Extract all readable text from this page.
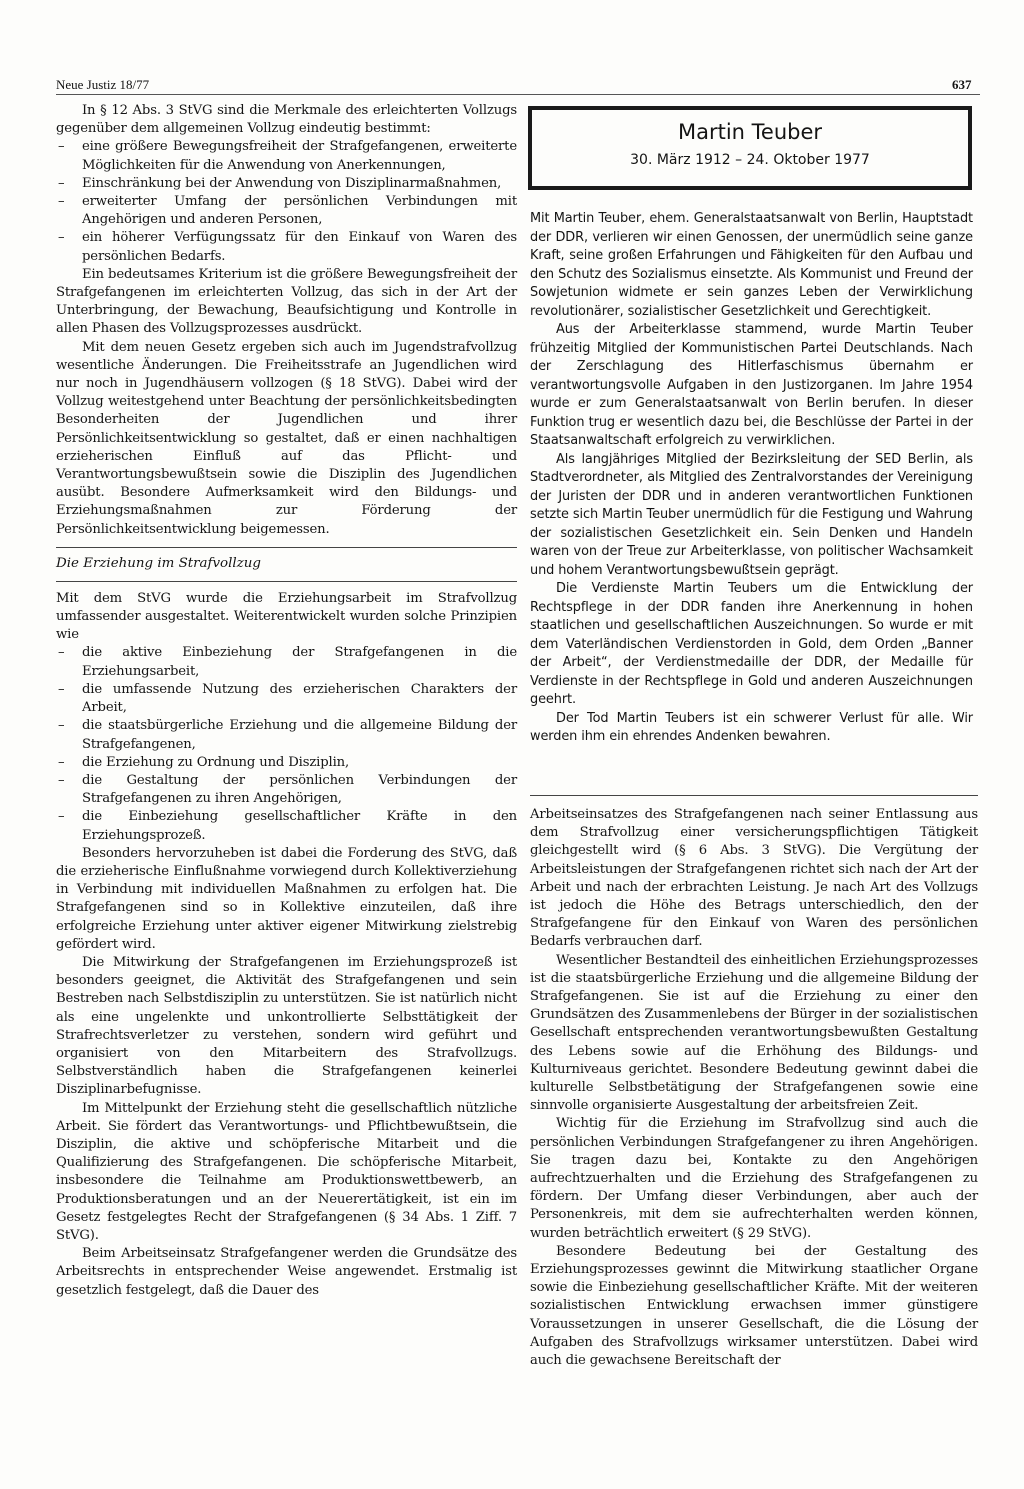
Neue Justiz 18/77	637

In § 12 Abs. 3 StVG sind die Merkmale des erleichterten Vollzugs gegenüber dem allgemeinen Vollzug eindeutig bestimmt:

– eine größere Bewegungsfreiheit der Strafgefangenen, erweiterte Möglichkeiten für die Anwendung von Anerkennungen,
– Einschränkung bei der Anwendung von Disziplinarmaßnahmen,
– erweiterter Umfang der persönlichen Verbindungen mit Angehörigen und anderen Personen,
– ein höherer Verfügungssatz für den Einkauf von Waren des persönlichen Bedarfs.

Ein bedeutsames Kriterium ist die größere Bewegungsfreiheit der Strafgefangenen im erleichterten Vollzug, das sich in der Art der Unterbringung, der Bewachung, Beaufsichtigung und Kontrolle in allen Phasen des Vollzugsprozesses ausdrückt.

Mit dem neuen Gesetz ergeben sich auch im Jugendstrafvollzug wesentliche Änderungen. Die Freiheitsstrafe an Jugendlichen wird nur noch in Jugendhäusern vollzogen (§ 18 StVG). Dabei wird der Vollzug weitestgehend unter Beachtung der persönlichkeitsbedingten Besonderheiten der Jugendlichen und ihrer Persönlichkeitsentwicklung so gestaltet, daß er einen nachhaltigen erzieherischen Einfluß auf das Pflicht- und Verantwortungsbewußtsein sowie die Disziplin des Jugendlichen ausübt. Besondere Aufmerksamkeit wird den Bildungs- und Erziehungsmaßnahmen zur Förderung der Persönlichkeitsentwicklung beigemessen.

Die Erziehung im Strafvollzug

Mit dem StVG wurde die Erziehungsarbeit im Strafvollzug umfassender ausgestaltet. Weiterentwickelt wurden solche Prinzipien wie

– die aktive Einbeziehung der Strafgefangenen in die Erziehungsarbeit,
– die umfassende Nutzung des erzieherischen Charakters der Arbeit,
– die staatsbürgerliche Erziehung und die allgemeine Bildung der Strafgefangenen,
– die Erziehung zu Ordnung und Disziplin,
– die Gestaltung der persönlichen Verbindungen der Strafgefangenen zu ihren Angehörigen,
– die Einbeziehung gesellschaftlicher Kräfte in den Erziehungsprozeß.

Besonders hervorzuheben ist dabei die Forderung des StVG, daß die erzieherische Einflußnahme vorwiegend durch Kollektiverziehung in Verbindung mit individuellen Maßnahmen zu erfolgen hat. Die Strafgefangenen sind so in Kollektive einzuteilen, daß ihre erfolgreiche Erziehung unter aktiver eigener Mitwirkung zielstrebig gefördert wird.

Die Mitwirkung der Strafgefangenen im Erziehungsprozeß ist besonders geeignet, die Aktivität des Strafgefangenen und sein Bestreben nach Selbstdisziplin zu unterstützen. Sie ist natürlich nicht als eine ungelenkte und unkontrollierte Selbsttätigkeit der Strafrechtsverletzer zu verstehen, sondern wird geführt und organisiert von den Mitarbeitern des Strafvollzugs. Selbstverständlich haben die Strafgefangenen keinerlei Disziplinarbefugnisse.

Im Mittelpunkt der Erziehung steht die gesellschaftlich nützliche Arbeit. Sie fördert das Verantwortungs- und Pflichtbewußtsein, die Disziplin, die aktive und schöpferische Mitarbeit und die Qualifizierung des Strafgefangenen. Die schöpferische Mitarbeit, insbesondere die Teilnahme am Produktionswettbewerb, an Produktionsberatungen und an der Neuerertätigkeit, ist ein im Gesetz festgelegtes Recht der Strafgefangenen (§ 34 Abs. 1 Ziff. 7 StVG).

Beim Arbeitseinsatz Strafgefangener werden die Grundsätze des Arbeitsrechts in entsprechender Weise angewendet. Erstmalig ist gesetzlich festgelegt, daß die Dauer des

Martin Teuber
30. März 1912 – 24. Oktober 1977

Mit Martin Teuber, ehem. Generalstaatsanwalt von Berlin, Hauptstadt der DDR, verlieren wir einen Genossen, der unermüdlich seine ganze Kraft, seine großen Erfahrungen und Fähigkeiten für den Aufbau und den Schutz des Sozialismus einsetzte. Als Kommunist und Freund der Sowjetunion widmete er sein ganzes Leben der Verwirklichung revolutionärer, sozialistischer Gesetzlichkeit und Gerechtigkeit.

Aus der Arbeiterklasse stammend, wurde Martin Teuber frühzeitig Mitglied der Kommunistischen Partei Deutschlands. Nach der Zerschlagung des Hitlerfaschismus übernahm er verantwortungsvolle Aufgaben in den Justizorganen. Im Jahre 1954 wurde er zum Generalstaatsanwalt von Berlin berufen. In dieser Funktion trug er wesentlich dazu bei, die Beschlüsse der Partei in der Staatsanwaltschaft erfolgreich zu verwirklichen.

Als langjähriges Mitglied der Bezirksleitung der SED Berlin, als Stadtverordneter, als Mitglied des Zentralvorstandes der Vereinigung der Juristen der DDR und in anderen verantwortlichen Funktionen setzte sich Martin Teuber unermüdlich für die Festigung und Wahrung der sozialistischen Gesetzlichkeit ein. Sein Denken und Handeln waren von der Treue zur Arbeiterklasse, von politischer Wachsamkeit und hohem Verantwortungsbewußtsein geprägt.

Die Verdienste Martin Teubers um die Entwicklung der Rechtspflege in der DDR fanden ihre Anerkennung in hohen staatlichen und gesellschaftlichen Auszeichnungen. So wurde er mit dem Vaterländischen Verdienstorden in Gold, dem Orden „Banner der Arbeit“, der Verdienstmedaille der DDR, der Medaille für Verdienste in der Rechtspflege in Gold und anderen Auszeichnungen geehrt.

Der Tod Martin Teubers ist ein schwerer Verlust für alle. Wir werden ihm ein ehrendes Andenken bewahren.

Arbeitseinsatzes des Strafgefangenen nach seiner Entlassung aus dem Strafvollzug einer versicherungspflichtigen Tätigkeit gleichgestellt wird (§ 6 Abs. 3 StVG). Die Vergütung der Arbeitsleistungen der Strafgefangenen richtet sich nach der Art der Arbeit und nach der erbrachten Leistung. Je nach Art des Vollzugs ist jedoch die Höhe des Betrags unterschiedlich, den der Strafgefangene für den Einkauf von Waren des persönlichen Bedarfs verbrauchen darf.

Wesentlicher Bestandteil des einheitlichen Erziehungsprozesses ist die staatsbürgerliche Erziehung und die allgemeine Bildung der Strafgefangenen. Sie ist auf die Erziehung zu einer den Grundsätzen des Zusammenlebens der Bürger in der sozialistischen Gesellschaft entsprechenden verantwortungsbewußten Gestaltung des Lebens sowie auf die Erhöhung des Bildungs- und Kulturniveaus gerichtet. Besondere Bedeutung gewinnt dabei die kulturelle Selbstbetätigung der Strafgefangenen sowie eine sinnvolle organisierte Ausgestaltung der arbeitsfreien Zeit.

Wichtig für die Erziehung im Strafvollzug sind auch die persönlichen Verbindungen Strafgefangener zu ihren Angehörigen. Sie tragen dazu bei, Kontakte zu den Angehörigen aufrechtzuerhalten und die Erziehung des Strafgefangenen zu fördern. Der Umfang dieser Verbindungen, aber auch der Personenkreis, mit dem sie aufrechterhalten werden können, wurden beträchtlich erweitert (§ 29 StVG).

Besondere Bedeutung bei der Gestaltung des Erziehungsprozesses gewinnt die Mitwirkung staatlicher Organe sowie die Einbeziehung gesellschaftlicher Kräfte. Mit der weiteren sozialistischen Entwicklung erwachsen immer günstigere Voraussetzungen in unserer Gesellschaft, die die Lösung der Aufgaben des Strafvollzugs wirksamer unterstützen. Dabei wird auch die gewachsene Bereitschaft der
